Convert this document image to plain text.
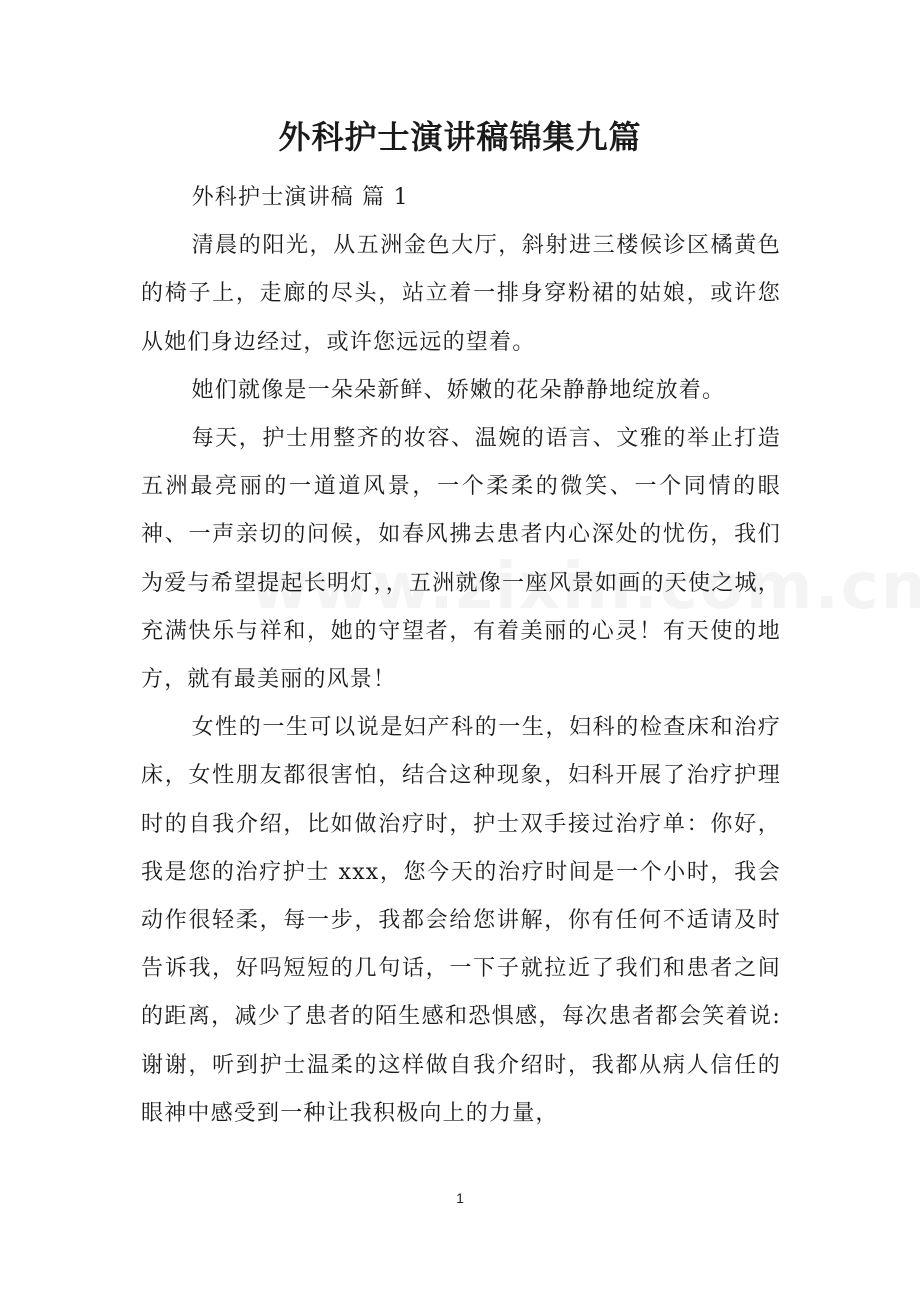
外科护士演讲稿锦集九篇

外科护士演讲稿 篇 1

清晨的阳光，从五洲金色大厅，斜射进三楼候诊区橘黄色的椅子上，走廊的尽头，站立着一排身穿粉裙的姑娘，或许您从她们身边经过，或许您远远的望着。

她们就像是一朵朵新鲜、娇嫩的花朵静静地绽放着。

每天，护士用整齐的妆容、温婉的语言、文雅的举止打造五洲最亮丽的一道道风景，一个柔柔的微笑、一个同情的眼神、一声亲切的问候，如春风拂去患者内心深处的忧伤，我们为爱与希望提起长明灯，，五洲就像一座风景如画的天使之城，充满快乐与祥和，她的守望者，有着美丽的心灵！有天使的地方，就有最美丽的风景！

女性的一生可以说是妇产科的一生，妇科的检查床和治疗床，女性朋友都很害怕，结合这种现象，妇科开展了治疗护理时的自我介绍，比如做治疗时，护士双手接过治疗单：你好，我是您的治疗护士 xxx，您今天的治疗时间是一个小时，我会动作很轻柔，每一步，我都会给您讲解，你有任何不适请及时告诉我，好吗短短的几句话，一下子就拉近了我们和患者之间的距离，减少了患者的陌生感和恐惧感，每次患者都会笑着说:谢谢，听到护士温柔的这样做自我介绍时，我都从病人信任的眼神中感受到一种让我积极向上的力量，

1
